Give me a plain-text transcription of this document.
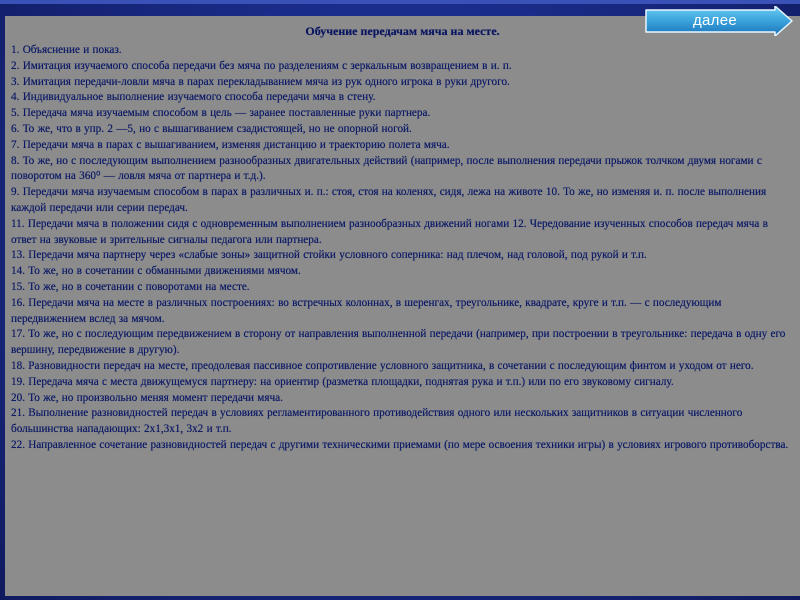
далее
Обучение передачам мяча на месте.
1. Объяснение и показ.
2. Имитация изучаемого способа передачи без мяча по разделениям с зеркальным возвращением в и. п.
3. Имитация передачи-ловли мяча в парах перекладыванием мяча из рук одного игрока в руки другого.
4. Индивидуальное выполнение изучаемого способа передачи мяча в стену.
5. Передача мяча изучаемым способом в цель — заранее поставленные руки партнера.
6. То же, что в упр. 2 —5, но с вышагиванием сзадистоящей, но не опорной ногой.
7. Передачи мяча в парах с вышагиванием, изменяя дистанцию и траекторию полета мяча.
8. То же, но с последующим выполнением разнообразных двигательных действий (например, после выполнения передачи прыжок толчком двумя ногами с поворотом на 360⁰ — ловля мяча от партнера и т.д.).
9. Передачи мяча изучаемым способом в парах в различных и. п.: стоя, стоя на коленях, сидя, лежа на животе 10. То же, но изменяя и. п. после выполнения каждой передачи или серии передач.
11. Передачи мяча в положении сидя с одновременным выполнением разнообразных движений ногами 12. Чередование изученных способов передач мяча в ответ на звуковые и зрительные сигналы педагога или партнера.
13. Передачи мяча партнеру через «слабые зоны» защитной стойки условного соперника: над плечом, над головой, под рукой и т.п.
14. То же, но в сочетании с обманными движениями мячом.
15. То же, но в сочетании с поворотами на месте.
16. Передачи мяча на месте в различных построениях: во встречных колоннах, в шеренгах, треугольнике, квадрате, круге и т.п. — с последующим передвижением вслед за мячом.
17. То же, но с последующим передвижением в сторону от направления выполненной передачи (например, при построении в треугольнике: передача в одну его вершину, передвижение в другую).
18. Разновидности передач на месте, преодолевая пассивное сопротивление условного защитника, в сочетании с последующим финтом и уходом от него.
19. Передача мяча с места движущемуся партнеру: на ориентир (разметка площадки, поднятая рука и т.п.) или по его звуковому сигналу.
20. То же, но произвольно меняя момент передачи мяча.
21. Выполнение разновидностей передач в условиях регламентированного противодействия одного или нескольких защитников в ситуации численного большинства нападающих: 2х1,3х1, 3х2 и т.п.
22. Направленное сочетание разновидностей передач с другими техническими приемами (по мере освоения техники игры) в условиях игрового противоборства.
